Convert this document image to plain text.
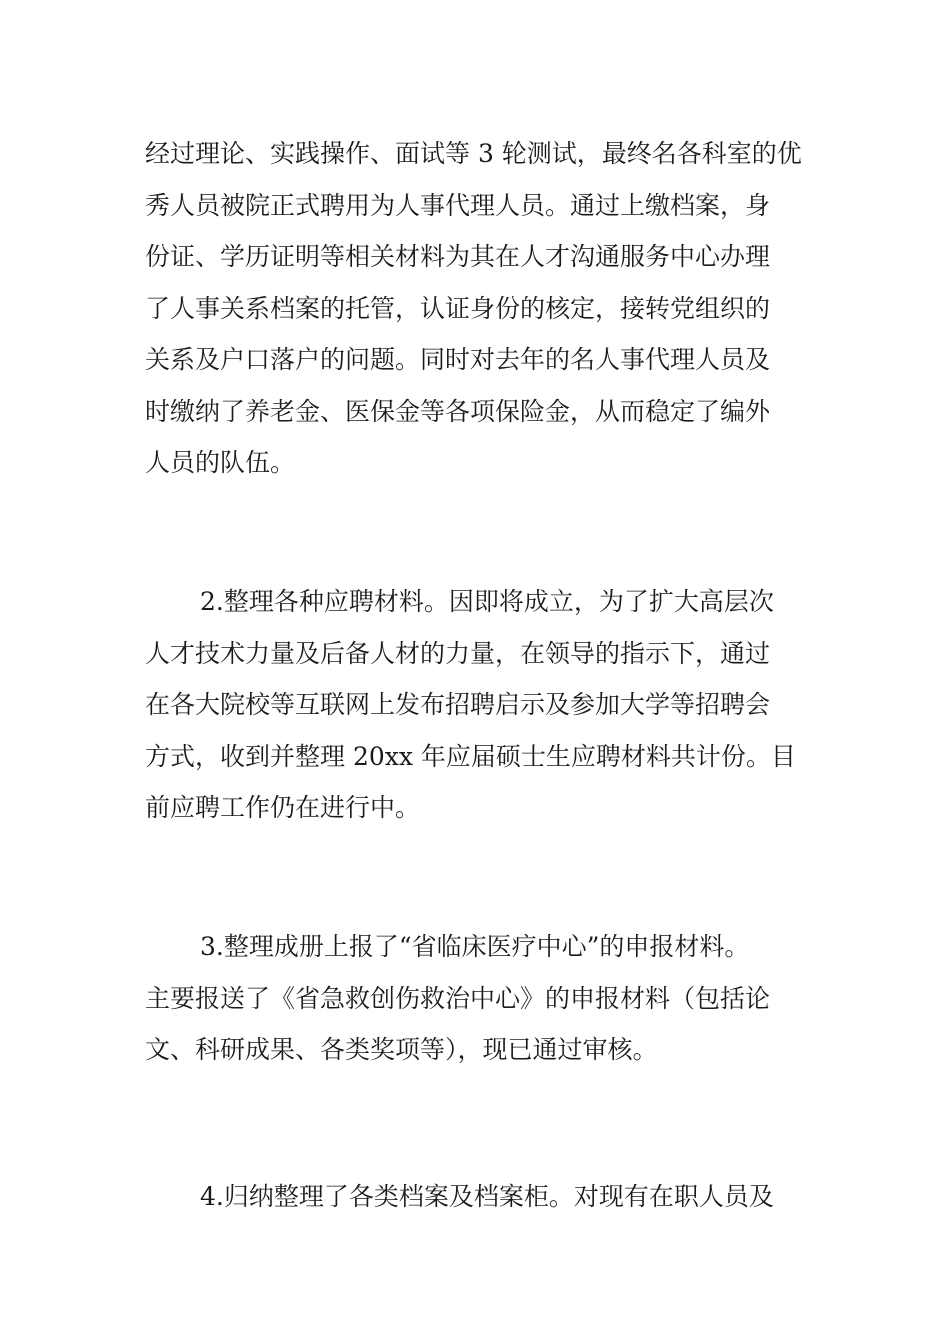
经过理论、实践操作、面试等 3 轮测试，最终名各科室的优
秀人员被院正式聘用为人事代理人员。通过上缴档案，身
份证、学历证明等相关材料为其在人才沟通服务中心办理
了人事关系档案的托管，认证身份的核定，接转党组织的
关系及户口落户的问题。同时对去年的名人事代理人员及
时缴纳了养老金、医保金等各项保险金，从而稳定了编外
人员的队伍。
2.整理各种应聘材料。因即将成立，为了扩大高层次
人才技术力量及后备人材的力量，在领导的指示下，通过
在各大院校等互联网上发布招聘启示及参加大学等招聘会
方式，收到并整理 20xx 年应届硕士生应聘材料共计份。目
前应聘工作仍在进行中。
3.整理成册上报了“省临床医疗中心”的申报材料。
主要报送了《省急救创伤救治中心》的申报材料（包括论
文、科研成果、各类奖项等），现已通过审核。
4.归纳整理了各类档案及档案柜。对现有在职人员及
